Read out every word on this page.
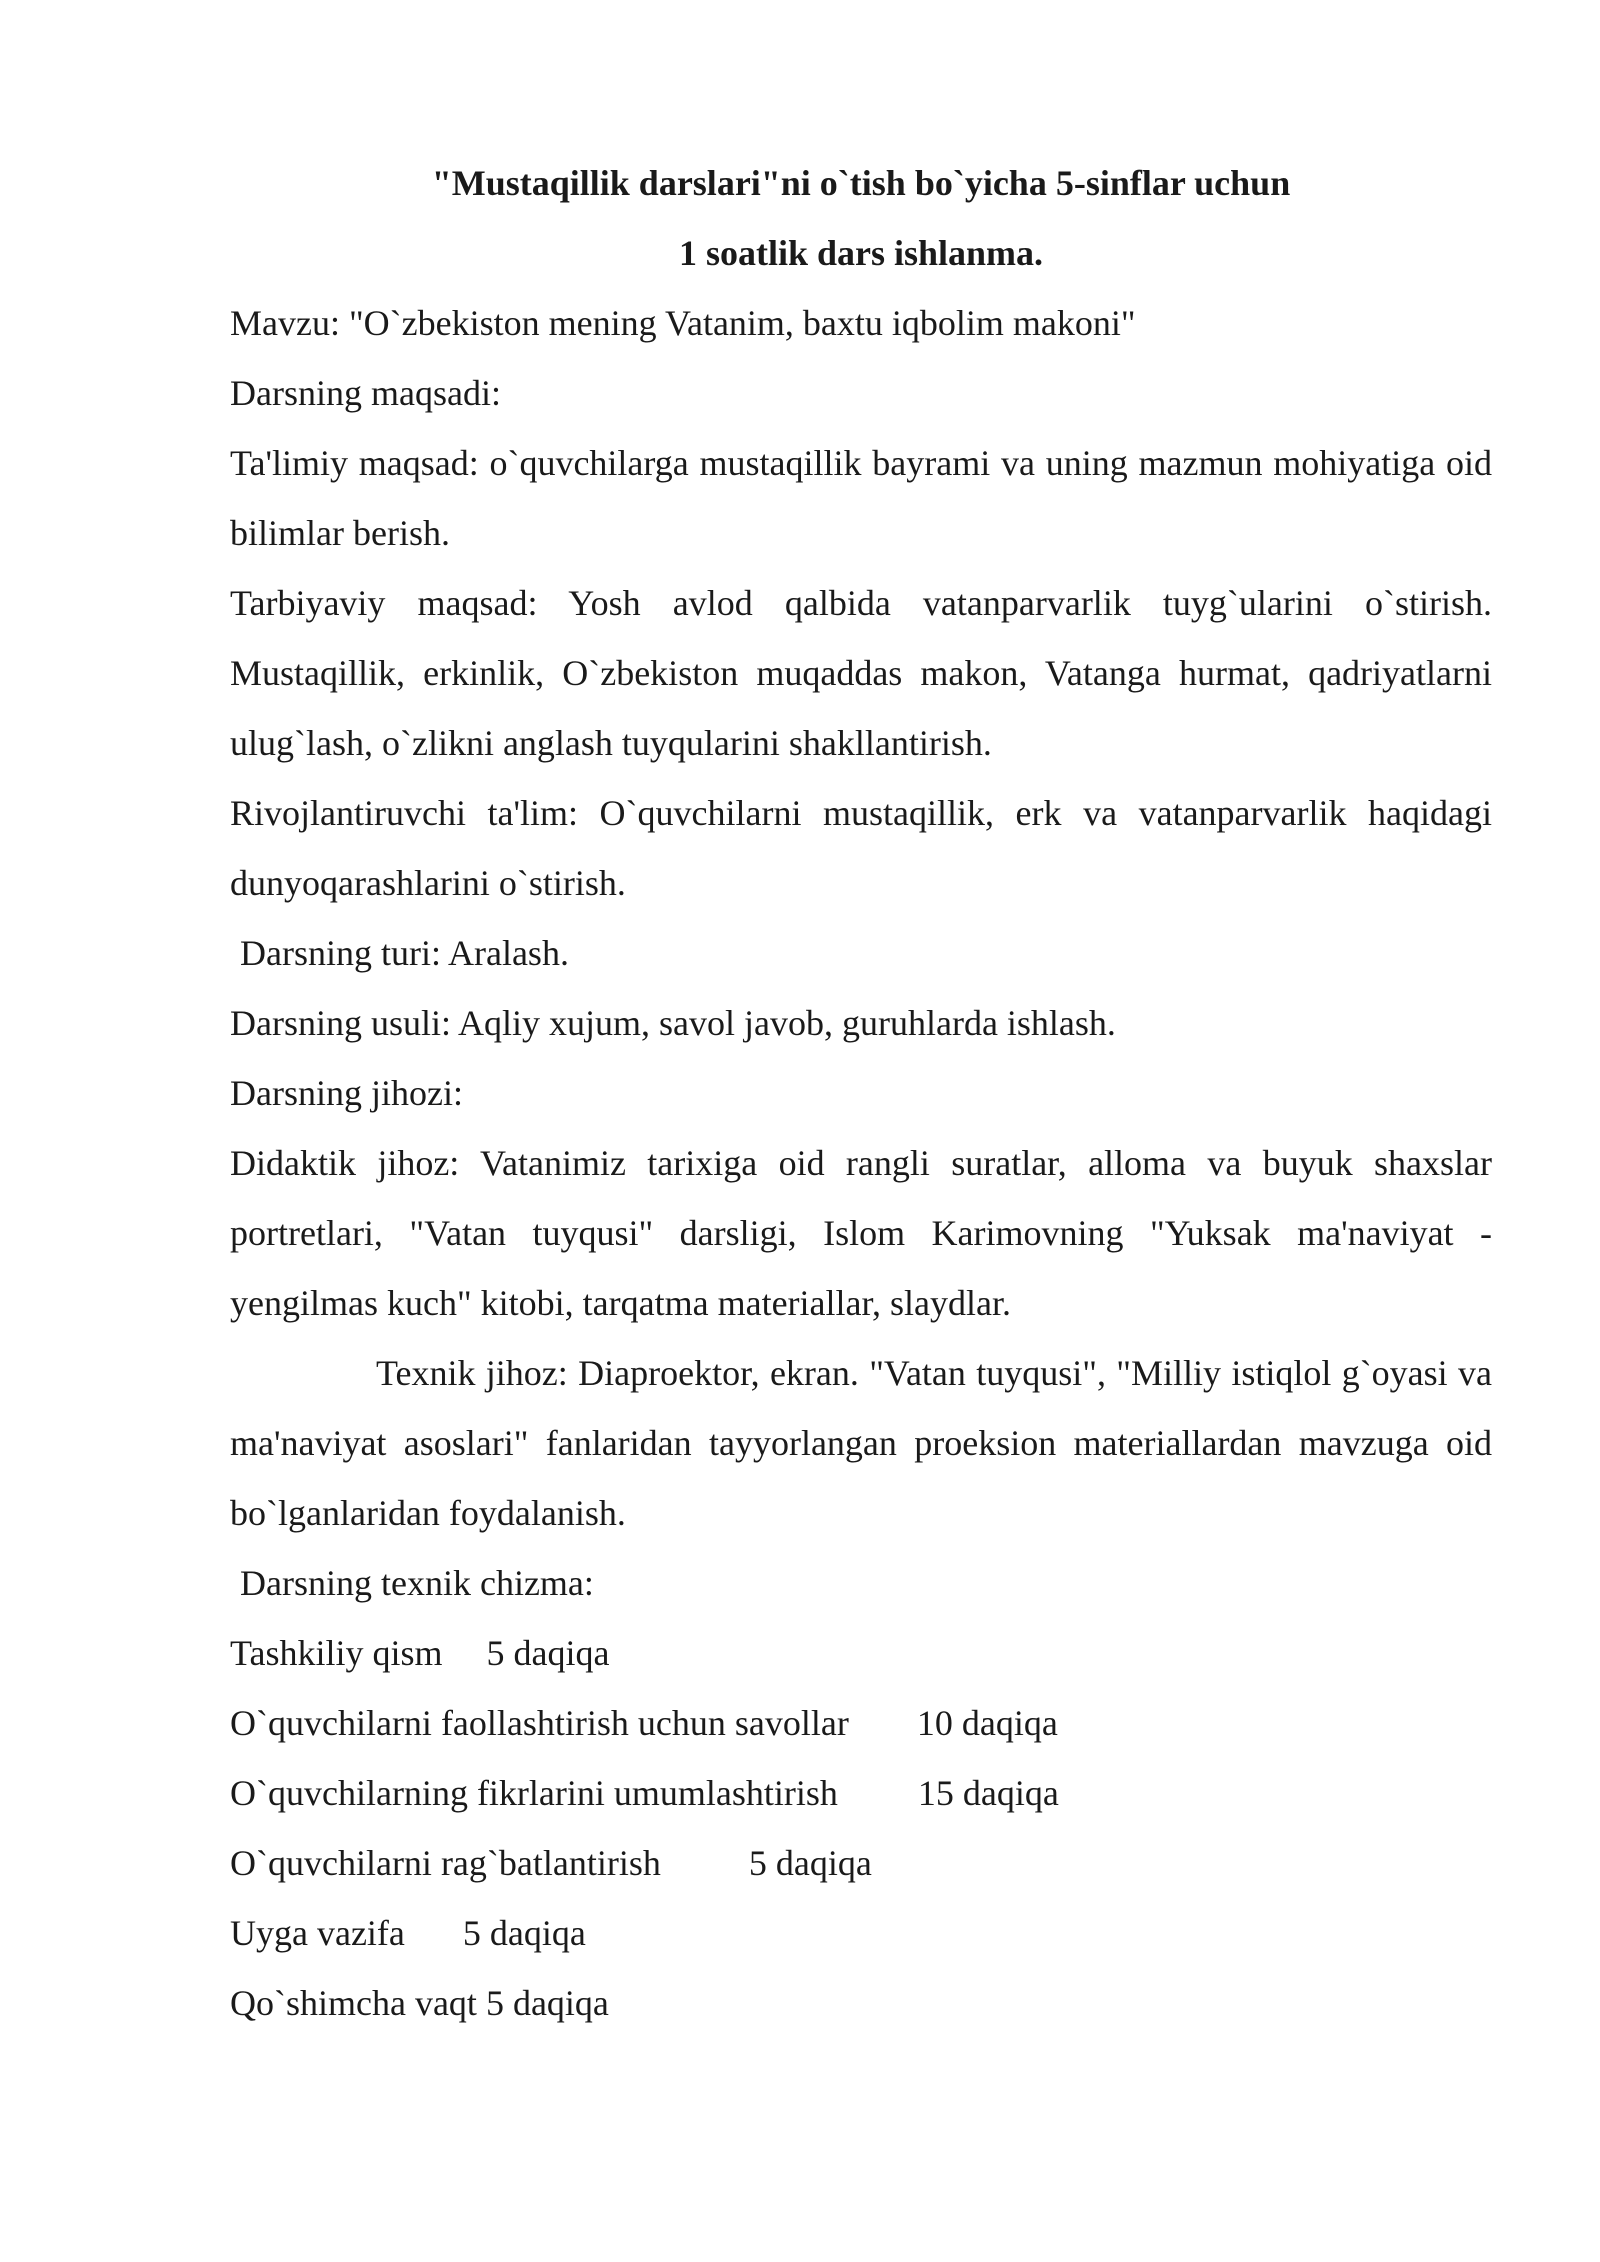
"Mustaqillik darslari"ni o`tish bo`yicha 5-sinflar uchun

1 soatlik dars ishlanma.

Mavzu: "O`zbekiston mening Vatanim, baxtu iqbolim makoni"

Darsning maqsadi:

Ta'limiy maqsad: o`quvchilarga mustaqillik bayrami va uning mazmun mohiyatiga oid bilimlar berish.

Tarbiyaviy maqsad: Yosh avlod qalbida vatanparvarlik tuyg`ularini o`stirish. Mustaqillik, erkinlik, O`zbekiston muqaddas makon, Vatanga hurmat, qadriyatlarni ulug`lash, o`zlikni anglash tuyqularini shakllantirish.

Rivojlantiruvchi ta'lim: O`quvchilarni mustaqillik, erk va vatanparvarlik haqidagi dunyoqarashlarini o`stirish.

Darsning turi: Aralash.

Darsning usuli: Aqliy xujum, savol javob, guruhlarda ishlash.

Darsning jihozi:

Didaktik jihoz: Vatanimiz tarixiga oid rangli suratlar, alloma va buyuk shaxslar portretlari, "Vatan tuyqusi" darsligi, Islom Karimovning "Yuksak ma'naviyat - yengilmas kuch" kitobi, tarqatma materiallar, slaydlar.

Texnik jihoz: Diaproektor, ekran. "Vatan tuyqusi", "Milliy istiqlol g`oyasi va ma'naviyat asoslari" fanlaridan tayyorlangan proeksion materiallardan mavzuga oid bo`lganlaridan foydalanish.

Darsning texnik chizma:

Tashkiliy qism 5 daqiqa

O`quvchilarni faollashtirish uchun savollar 10 daqiqa

O`quvchilarning fikrlarini umumlashtirish 15 daqiqa

O`quvchilarni rag`batlantirish 5 daqiqa

Uyga vazifa 5 daqiqa

Qo`shimcha vaqt 5 daqiqa
